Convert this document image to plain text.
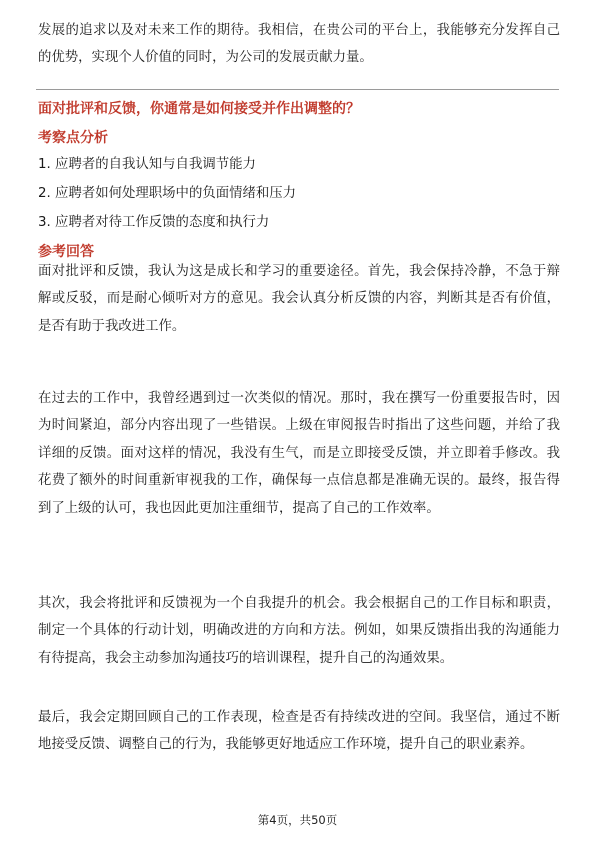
发展的追求以及对未来工作的期待。我相信，在贵公司的平台上，我能够充分发挥自己的优势，实现个人价值的同时，为公司的发展贡献力量。

面对批评和反馈，你通常是如何接受并作出调整的？

考察点分析

1. 应聘者的自我认知与自我调节能力

2. 应聘者如何处理职场中的负面情绪和压力

3. 应聘者对待工作反馈的态度和执行力

参考回答

面对批评和反馈，我认为这是成长和学习的重要途径。首先，我会保持冷静，不急于辩解或反驳，而是耐心倾听对方的意见。我会认真分析反馈的内容，判断其是否有价值，是否有助于我改进工作。

在过去的工作中，我曾经遇到过一次类似的情况。那时，我在撰写一份重要报告时，因为时间紧迫，部分内容出现了一些错误。上级在审阅报告时指出了这些问题，并给了我详细的反馈。面对这样的情况，我没有生气，而是立即接受反馈，并立即着手修改。我花费了额外的时间重新审视我的工作，确保每一点信息都是准确无误的。最终，报告得到了上级的认可，我也因此更加注重细节，提高了自己的工作效率。

其次，我会将批评和反馈视为一个自我提升的机会。我会根据自己的工作目标和职责，制定一个具体的行动计划，明确改进的方向和方法。例如，如果反馈指出我的沟通能力有待提高，我会主动参加沟通技巧的培训课程，提升自己的沟通效果。

最后，我会定期回顾自己的工作表现，检查是否有持续改进的空间。我坚信，通过不断地接受反馈、调整自己的行为，我能够更好地适应工作环境，提升自己的职业素养。

第4页，共50页
